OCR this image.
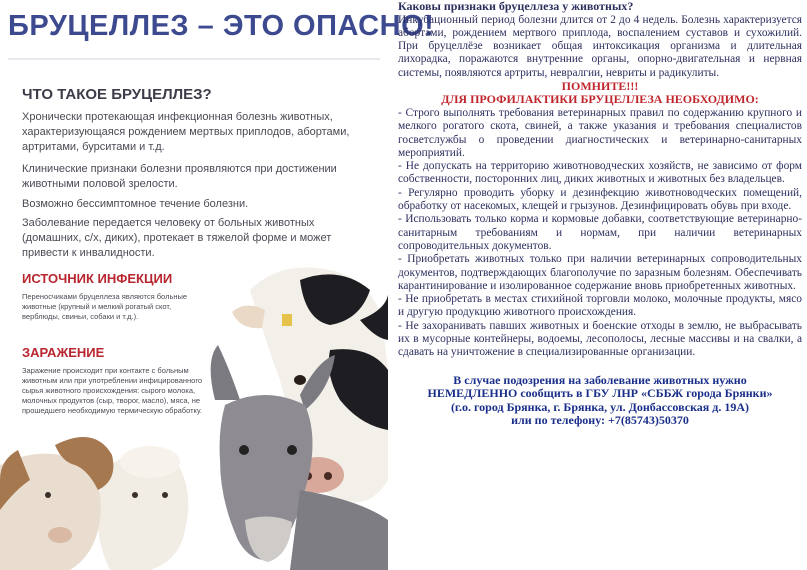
БРУЦЕЛЛЕЗ – ЭТО ОПАСНО!
ЧТО ТАКОЕ БРУЦЕЛЛЕЗ?
Хронически протекающая инфекционная болезнь животных, характеризующаяся рождением мертвых приплодов, абортами, артритами, бурситами и т.д.
Клинические признаки болезни проявляются при достижении животными половой зрелости.
Возможно бессимптомное течение болезни.
Заболевание передается человеку от больных животных (домашних, с/х, диких), протекает в тяжелой форме и может привести к инвалидности.
ИСТОЧНИК ИНФЕКЦИИ
Переносчиками бруцеллеза являются больные животные (крупный и мелкий рогатый скот, верблюды, свиньи, собаки и т.д.).
ЗАРАЖЕНИЕ
Заражение происходит при контакте с больным животным или при употреблении инфицированного сырья животного происхождения: сырого молока, молочных продуктов (сыр, творог, масло), мяса, не прошедшего необходимую термическую обработку.

Каковы признаки бруцеллеза у животных?

Инкубационный период болезни длится от 2 до 4 недель. Болезнь характеризуется абортами, рождением мертвого приплода, воспалением суставов и сухожилий. При бруцеллёзе возникает общая интоксикация организма и длительная лихорадка, поражаются внутренние органы, опорно-двигательная и нервная системы, появляются артриты, невралгии, невриты и радикулиты.

ПОМНИТЕ!!!

ДЛЯ ПРОФИЛАКТИКИ БРУЦЕЛЛЕЗА НЕОБХОДИМО:

- Строго выполнять требования ветеринарных правил по содержанию крупного и мелкого рогатого скота, свиней, а также указания и требования специалистов госветслужбы о проведении диагностических и ветеринарно-санитарных мероприятий.

- Не допускать на территорию животноводческих хозяйств, не зависимо от форм собственности, посторонних лиц, диких животных и животных без владельцев.

- Регулярно проводить уборку и дезинфекцию животноводческих помещений, обработку от насекомых, клещей и грызунов. Дезинфицировать обувь при входе.

- Использовать только корма и кормовые добавки, соответствующие ветеринарно-санитарным требованиям и нормам, при наличии ветеринарных сопроводительных документов.

- Приобретать животных только при наличии ветеринарных сопроводительных документов, подтверждающих благополучие по заразным болезням. Обеспечивать карантинирование и изолированное содержание вновь приобретенных животных.

- Не приобретать в местах стихийной торговли молоко, молочные продукты, мясо и другую продукцию животного происхождения.

- Не захоранивать павших животных и боенские отходы в землю, не выбрасывать их в мусорные контейнеры, водоемы, лесополосы, лесные массивы и на свалки, а сдавать на уничтожение в специализированные организации.

В случае подозрения на заболевание животных нужно

НЕМЕДЛЕННО сообщить в ГБУ ЛНР «СББЖ города Брянки»

(г.о. город Брянка, г. Брянка, ул. Донбассовская д. 19А)

или по телефону: +7(85743)50370
